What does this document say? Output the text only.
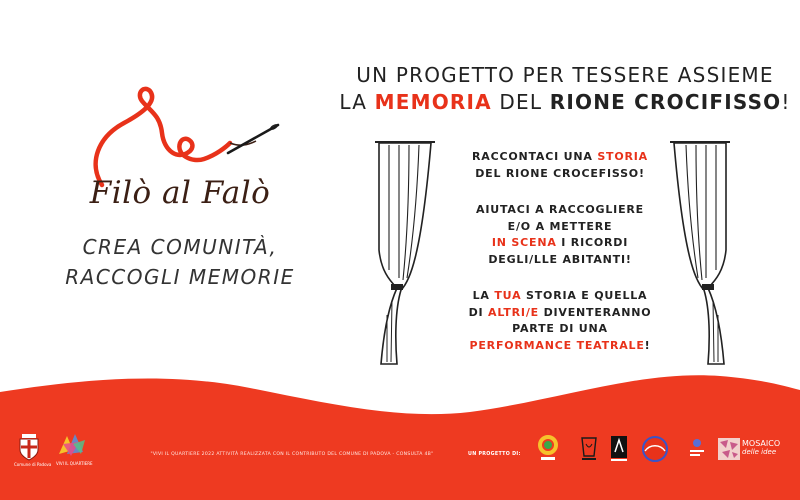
Filò al Falò
CREA COMUNITÀ,
RACCOGLI MEMORIE
UN PROGETTO PER TESSERE ASSIEME
LA MEMORIA DEL RIONE CROCIFISSO!
RACCONTACI UNA STORIA
DEL RIONE CROCEFISSO!
AIUTACI A RACCOGLIERE
E/O A METTERE
IN SCENA I RICORDI
DEGLI/LLE ABITANTI!
LA TUA STORIA E QUELLA
DI ALTRI/E DIVENTERANNO
PARTE DI UNA
PERFORMANCE TEATRALE!
Comune di Padova VIVI IL QUARTIERE
"VIVI IL QUARTIERE 2022 ATTIVITÀ REALIZZATA CON IL CONTRIBUTO DEL COMUNE DI PADOVA - CONSULTA 4B"	UN PROGETTO DI:
MOSAICO
delle idee
